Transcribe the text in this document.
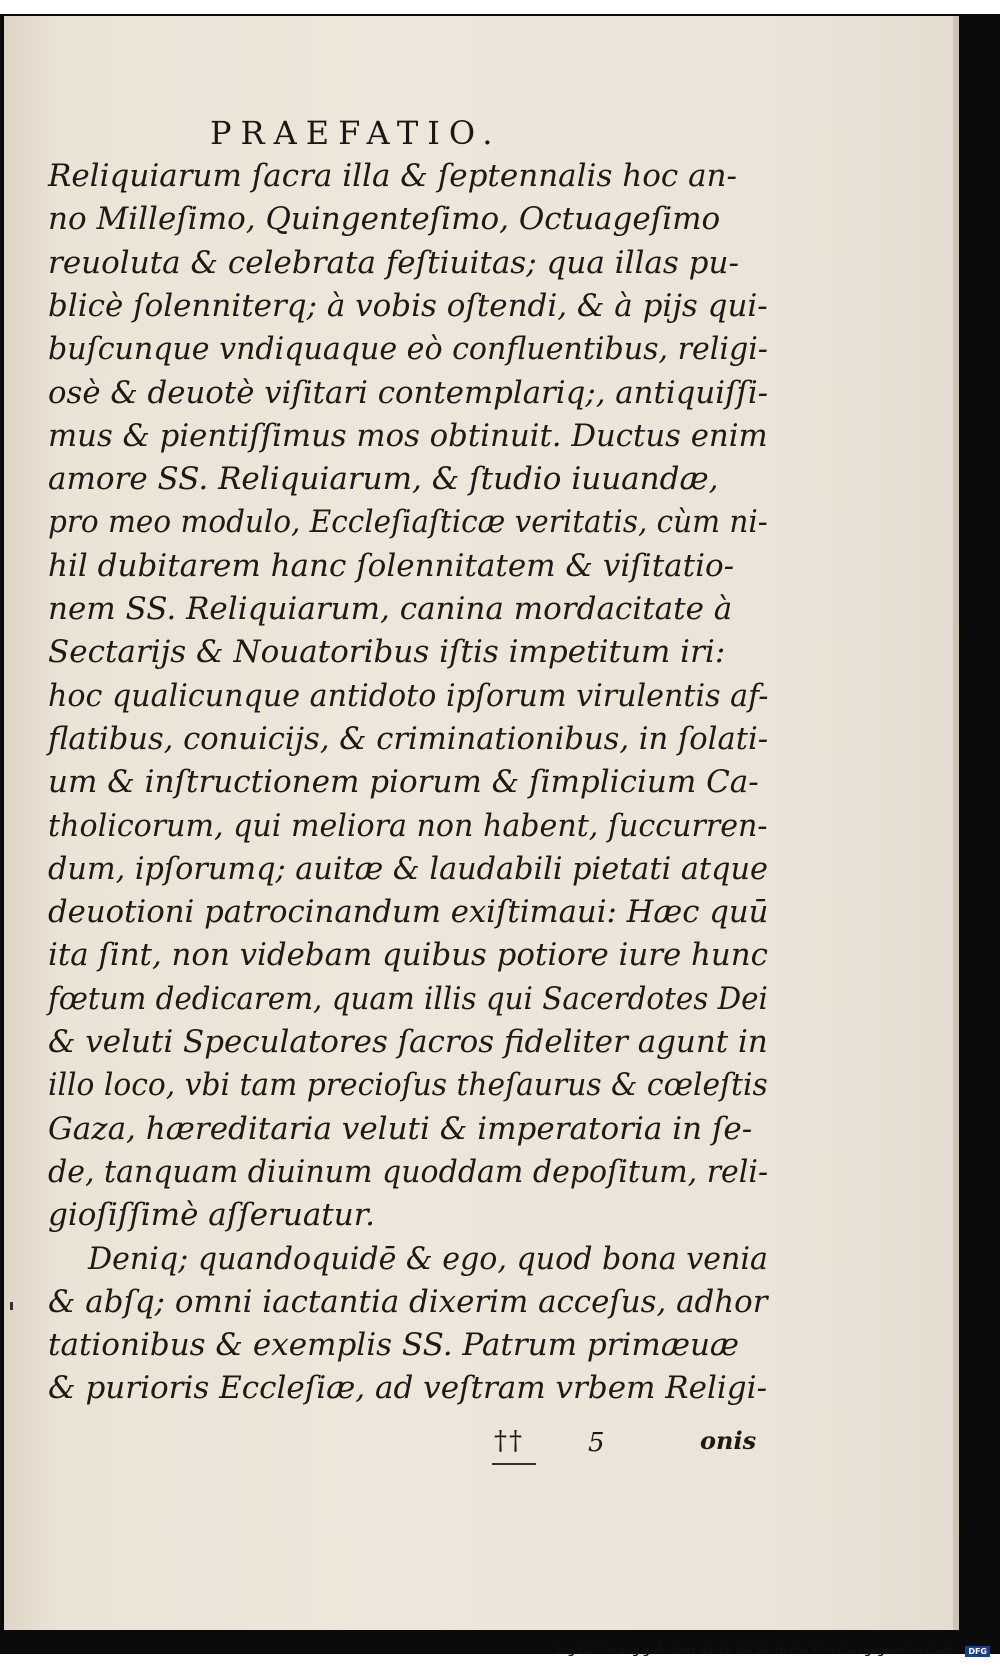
PRAEFATIO.
Reliquiarum ſacra illa & ſeptennalis hoc an-
no Milleſimo, Quingenteſimo, Octuageſimo
reuoluta & celebrata feſtiuitas; qua illas pu-
blicè ſolenniterq; à vobis oſtendi, & à pijs qui-
buſcunque vndiquaque eò confluentibus, religi-
osè & deuotè viſitari contemplariq;, antiquiſſi-
mus & pientiſſimus mos obtinuit. Ductus enim
amore SS. Reliquiarum, & ſtudio iuuandæ,
pro meo modulo, Eccleſiaſticæ veritatis, cùm ni-
hil dubitarem hanc ſolennitatem & viſitatio-
nem SS. Reliquiarum, canina mordacitate à
Sectarijs & Nouatoribus iſtis impetitum iri:
hoc qualicunque antidoto ipſorum virulentis af-
flatibus, conuicijs, & criminationibus, in ſolati-
um & inſtructionem piorum & ſimplicium Ca-
tholicorum, qui meliora non habent, ſuccurren-
dum, ipſorumq; auitæ & laudabili pietati atque
deuotioni patrocinandum exiſtimaui: Hæc quū
ita ſint, non videbam quibus potiore iure hunc
fœtum dedicarem, quam illis qui Sacerdotes Dei
& veluti Speculatores ſacros fideliter agunt in
illo loco, vbi tam precioſus theſaurus & cœleſtis
Gaza, hæreditaria veluti & imperatoria in ſe-
de, tanquam diuinum quoddam depoſitum, reli-
gioſiſſimè aſſeruatur.
Deniq; quandoquidē & ego, quod bona venia
& abſq; omni iactantia dixerim acceſus, adhor
tationibus & exemplis SS. Patrum primæuæ
& purioris Eccleſiæ, ad veſtram vrbem Religi-
†† 5	onis
Digitalisierung gefördert durch die Deutsche Forschungsgemeinschaft - DFG
